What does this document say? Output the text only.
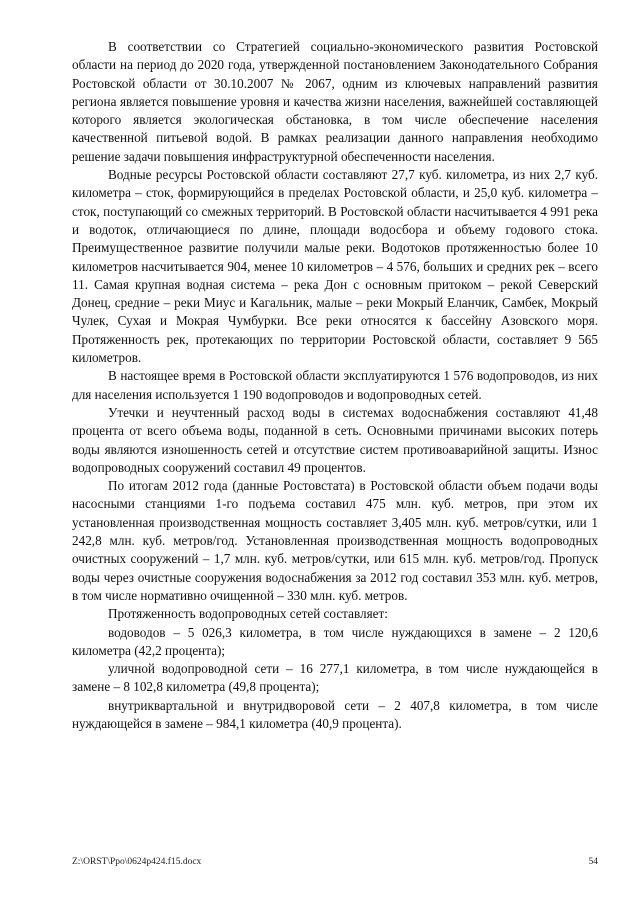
В соответствии со Стратегией социально-экономического развития Ростовской области на период до 2020 года, утвержденной постановлением Законодательного Собрания Ростовской области от 30.10.2007 № 2067, одним из ключевых направлений развития региона является повышение уровня и качества жизни населения, важнейшей составляющей которого является экологическая обстановка, в том числе обеспечение населения качественной питьевой водой. В рамках реализации данного направления необходимо решение задачи повышения инфраструктурной обеспеченности населения.

Водные ресурсы Ростовской области составляют 27,7 куб. километра, из них 2,7 куб. километра – сток, формирующийся в пределах Ростовской области, и 25,0 куб. километра – сток, поступающий со смежных территорий. В Ростовской области насчитывается 4 991 река и водоток, отличающиеся по длине, площади водосбора и объему годового стока. Преимущественное развитие получили малые реки. Водотоков протяженностью более 10 километров насчитывается 904, менее 10 километров – 4 576, больших и средних рек – всего 11. Самая крупная водная система – река Дон с основным притоком – рекой Северский Донец, средние – реки Миус и Кагальник, малые – реки Мокрый Еланчик, Самбек, Мокрый Чулек, Сухая и Мокрая Чумбурки. Все реки относятся к бассейну Азовского моря. Протяженность рек, протекающих по территории Ростовской области, составляет 9 565 километров.

В настоящее время в Ростовской области эксплуатируются 1 576 водопроводов, из них для населения используется 1 190 водопроводов и водопроводных сетей.

Утечки и неучтенный расход воды в системах водоснабжения составляют 41,48 процента от всего объема воды, поданной в сеть. Основными причинами высоких потерь воды являются изношенность сетей и отсутствие систем противоаварийной защиты. Износ водопроводных сооружений составил 49 процентов.

По итогам 2012 года (данные Ростовстата) в Ростовской области объем подачи воды насосными станциями 1-го подъема составил 475 млн. куб. метров, при этом их установленная производственная мощность составляет 3,405 млн. куб. метров/сутки, или 1 242,8 млн. куб. метров/год. Установленная производственная мощность водопроводных очистных сооружений – 1,7 млн. куб. метров/сутки, или 615 млн. куб. метров/год. Пропуск воды через очистные сооружения водоснабжения за 2012 год составил 353 млн. куб. метров, в том числе нормативно очищенной – 330 млн. куб. метров.

Протяженность водопроводных сетей составляет:

водоводов – 5 026,3 километра, в том числе нуждающихся в замене – 2 120,6 километра (42,2 процента);

уличной водопроводной сети – 16 277,1 километра, в том числе нуждающейся в замене – 8 102,8 километра (49,8 процента);

внутриквартальной и внутридворовой сети – 2 407,8 километра, в том числе нуждающейся в замене – 984,1 километра (40,9 процента).

Z:\ORST\Ppo\0624p424.f15.docx	54
